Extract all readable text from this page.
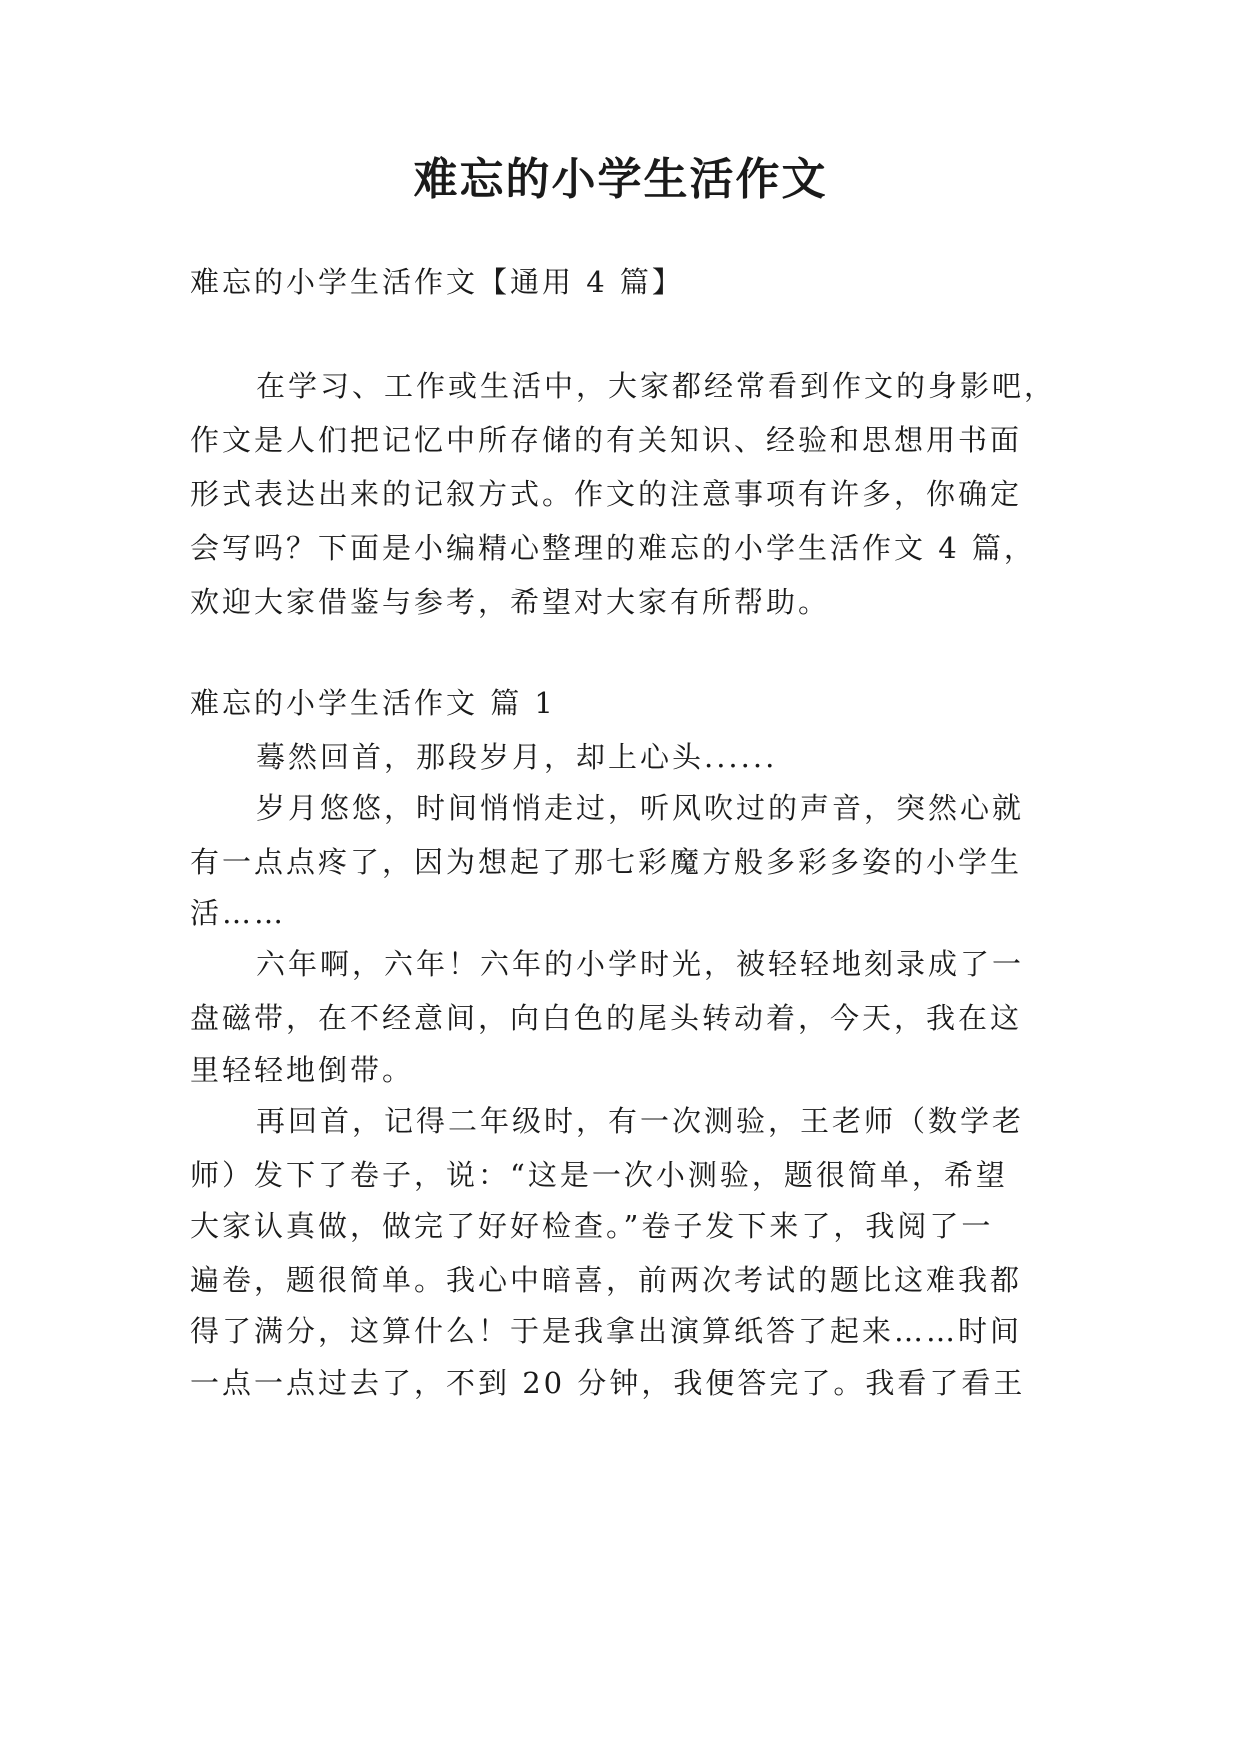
难忘的小学生活作文
难忘的小学生活作文【通用 4 篇】
在学习、工作或生活中，大家都经常看到作文的身影吧，
作文是人们把记忆中所存储的有关知识、经验和思想用书面
形式表达出来的记叙方式。作文的注意事项有许多，你确定
会写吗？下面是小编精心整理的难忘的小学生活作文 4 篇，
欢迎大家借鉴与参考，希望对大家有所帮助。
难忘的小学生活作文 篇 1
蓦然回首，那段岁月，却上心头......
岁月悠悠，时间悄悄走过，听风吹过的声音，突然心就
有一点点疼了，因为想起了那七彩魔方般多彩多姿的小学生
活……
六年啊，六年！六年的小学时光，被轻轻地刻录成了一
盘磁带，在不经意间，向白色的尾头转动着，今天，我在这
里轻轻地倒带。
再回首，记得二年级时，有一次测验，王老师（数学老
师）发下了卷子，说：“这是一次小测验，题很简单，希望
大家认真做，做完了好好检查。”卷子发下来了，我阅了一
遍卷，题很简单。我心中暗喜，前两次考试的题比这难我都
得了满分，这算什么！于是我拿出演算纸答了起来……时间
一点一点过去了，不到 20 分钟，我便答完了。我看了看王
